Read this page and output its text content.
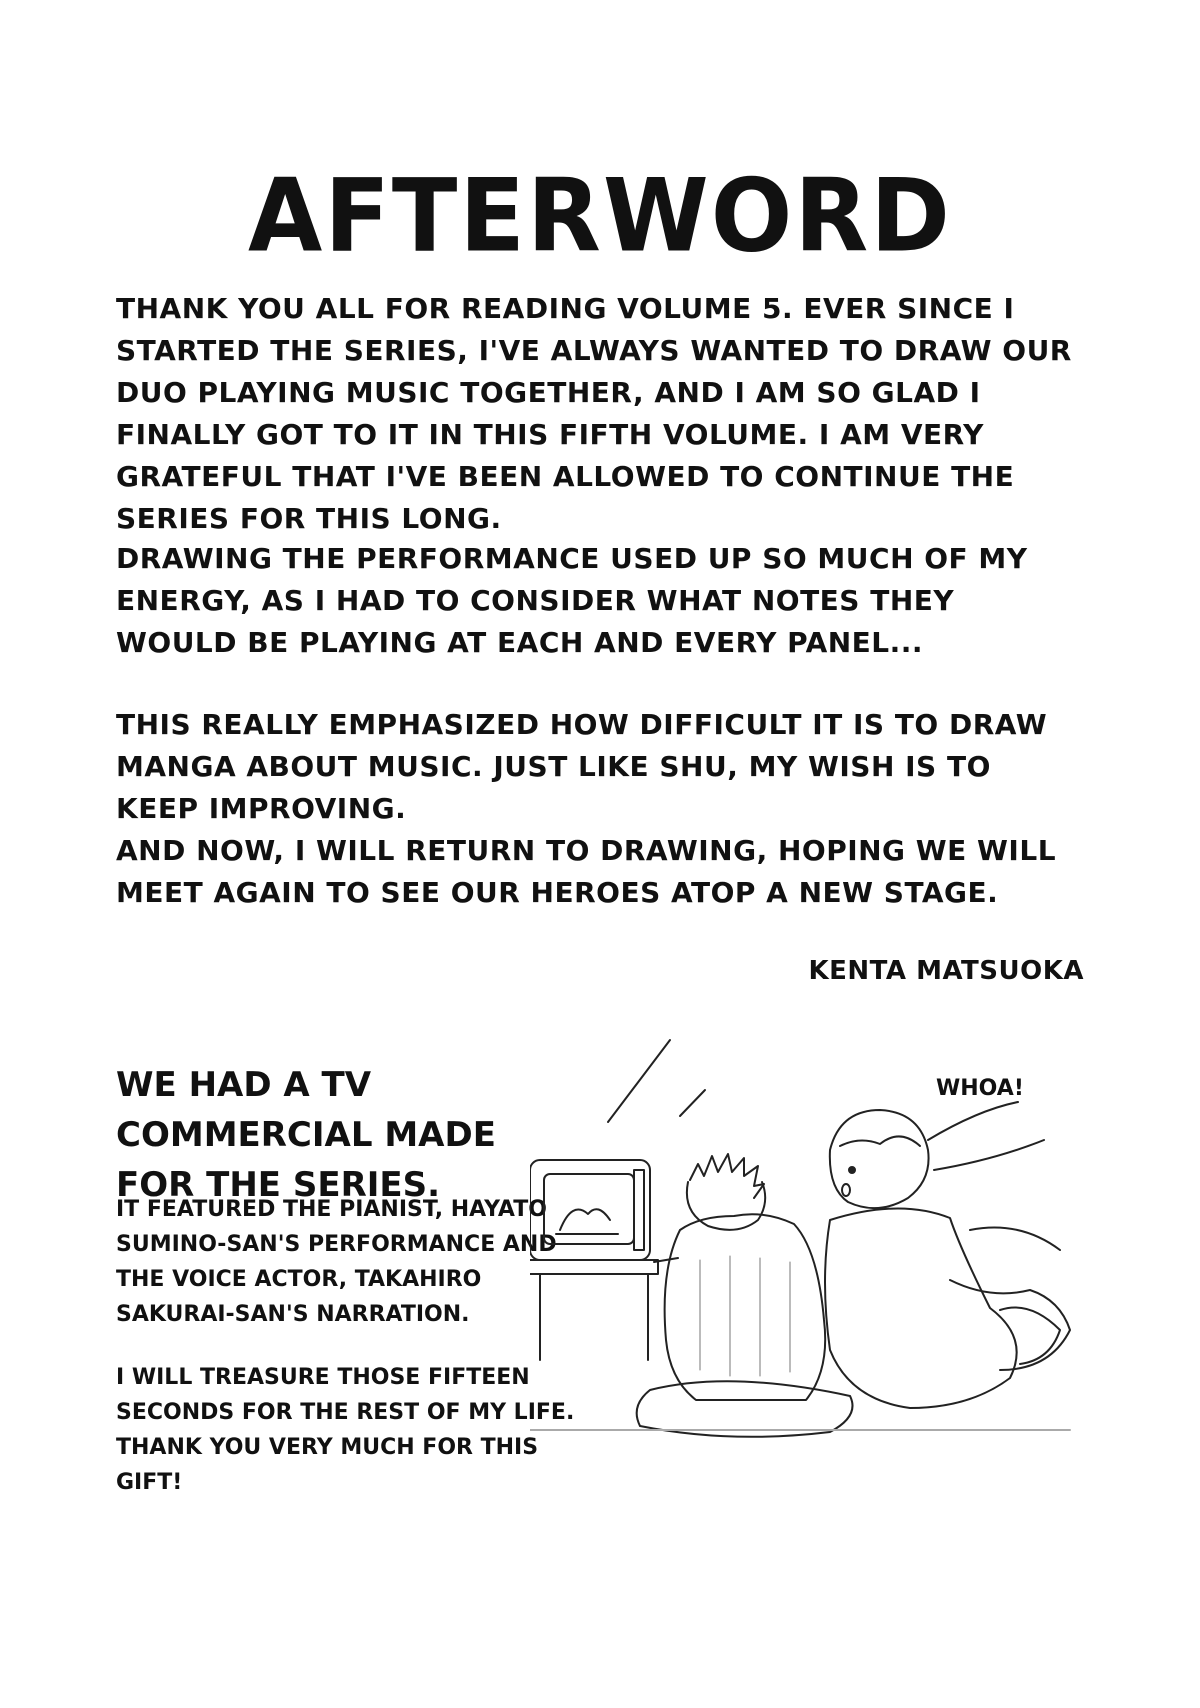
AFTERWORD

THANK YOU ALL FOR READING VOLUME 5. EVER SINCE I STARTED THE SERIES, I'VE ALWAYS WANTED TO DRAW OUR DUO PLAYING MUSIC TOGETHER, AND I AM SO GLAD I FINALLY GOT TO IT IN THIS FIFTH VOLUME. I AM VERY GRATEFUL THAT I'VE BEEN ALLOWED TO CONTINUE THE SERIES FOR THIS LONG.

DRAWING THE PERFORMANCE USED UP SO MUCH OF MY ENERGY, AS I HAD TO CONSIDER WHAT NOTES THEY WOULD BE PLAYING AT EACH AND EVERY PANEL...

THIS REALLY EMPHASIZED HOW DIFFICULT IT IS TO DRAW MANGA ABOUT MUSIC. JUST LIKE SHU, MY WISH IS TO KEEP IMPROVING.

AND NOW, I WILL RETURN TO DRAWING, HOPING WE WILL MEET AGAIN TO SEE OUR HEROES ATOP A NEW STAGE.

KENTA MATSUOKA
WE HAD A TV COMMERCIAL MADE FOR THE SERIES.

IT FEATURED THE PIANIST, HAYATO SUMINO-SAN'S PERFORMANCE AND THE VOICE ACTOR, TAKAHIRO SAKURAI-SAN'S NARRATION.

I WILL TREASURE THOSE FIFTEEN SECONDS FOR THE REST OF MY LIFE. THANK YOU VERY MUCH FOR THIS GIFT!

WHOA!
